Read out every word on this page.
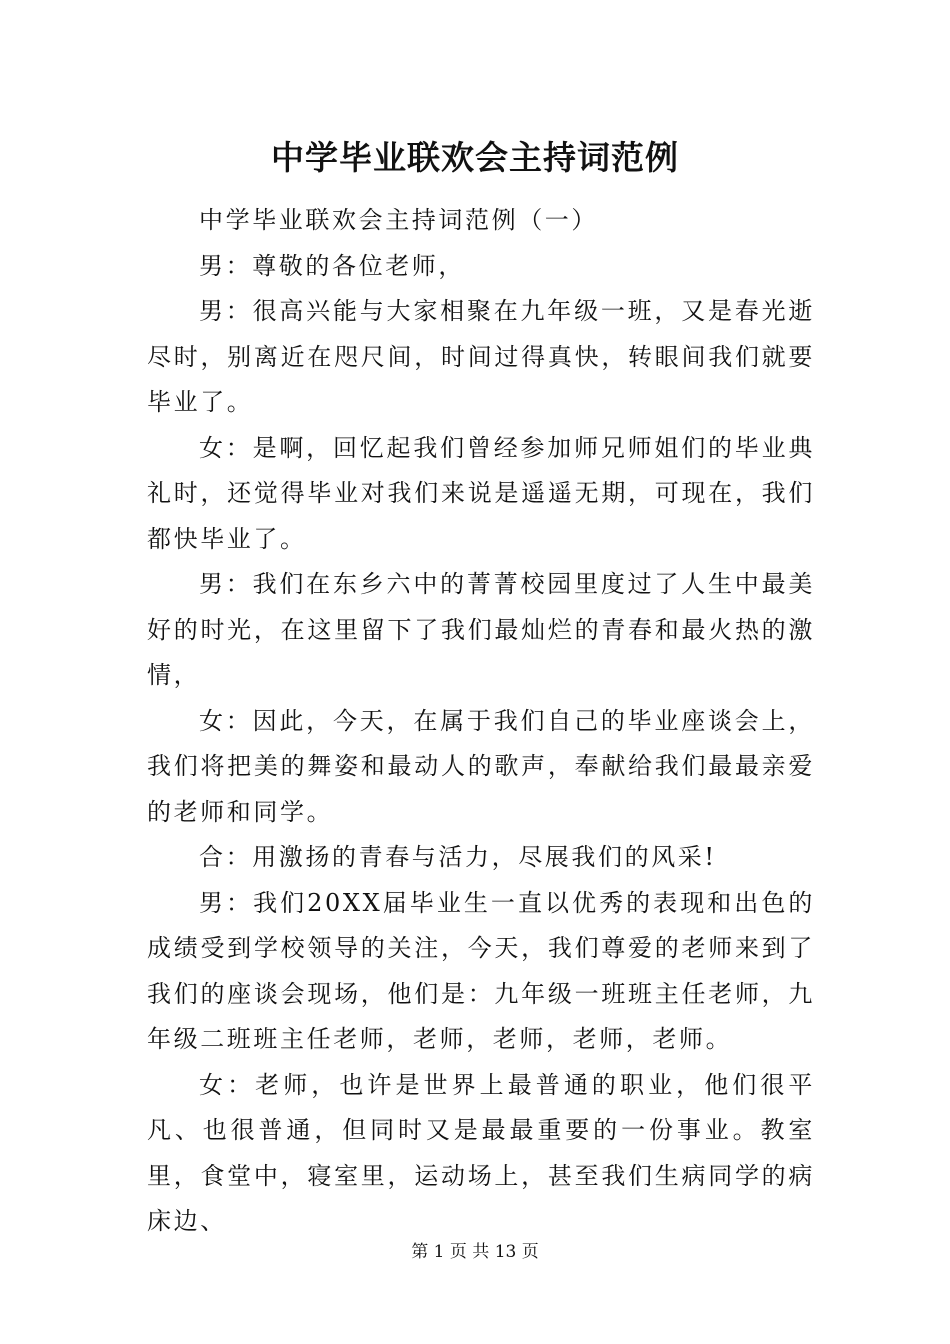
中学毕业联欢会主持词范例

中学毕业联欢会主持词范例（一）

男：尊敬的各位老师，

男：很高兴能与大家相聚在九年级一班，又是春光逝尽时，别离近在咫尺间，时间过得真快，转眼间我们就要毕业了。

女：是啊，回忆起我们曾经参加师兄师姐们的毕业典礼时，还觉得毕业对我们来说是遥遥无期，可现在，我们都快毕业了。

男：我们在东乡六中的菁菁校园里度过了人生中最美好的时光，在这里留下了我们最灿烂的青春和最火热的激情，

女：因此，今天，在属于我们自己的毕业座谈会上，我们将把美的舞姿和最动人的歌声，奉献给我们最最亲爱的老师和同学。

合：用激扬的青春与活力，尽展我们的风采!

男：我们20XX届毕业生一直以优秀的表现和出色的成绩受到学校领导的关注，今天，我们尊爱的老师来到了我们的座谈会现场，他们是：九年级一班班主任老师，九年级二班班主任老师，老师，老师，老师，老师。

女：老师，也许是世界上最普通的职业，他们很平凡、也很普通，但同时又是最最重要的一份事业。教室里，食堂中，寝室里，运动场上，甚至我们生病同学的病床边、

第 1 页 共 13 页
